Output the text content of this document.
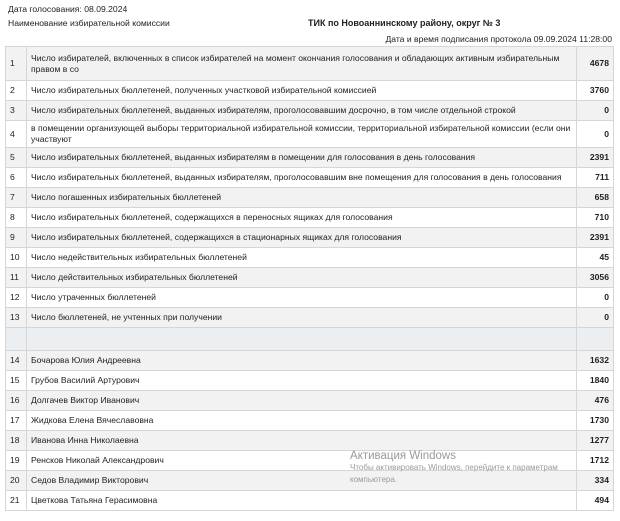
Дата голосования: 08.09.2024
Наименование избирательной комиссии	ТИК по Новоаннинскому району, округ № 3
Дата и время подписания протокола 09.09.2024 11:28:00
1	Число избирателей, включенных в список избирателей на момент окончания голосования и обладающих активным избирательным правом в со	4678
2	Число избирательных бюллетеней, полученных участковой избирательной комиссией	3760
3	Число избирательных бюллетеней, выданных избирателям, проголосовавшим досрочно, в том числе отдельной строкой	0
4	в помещении организующей выборы территориальной избирательной комиссии, территориальной избирательной комиссии (если они участвуют	0
5	Число избирательных бюллетеней, выданных избирателям в помещении для голосования в день голосования	2391
6	Число избирательных бюллетеней, выданных избирателям, проголосовавшим вне помещения для голосования в день голосования	711
7	Число погашенных избирательных бюллетеней	658
8	Число избирательных бюллетеней, содержащихся в переносных ящиках для голосования	710
9	Число избирательных бюллетеней, содержащихся в стационарных ящиках для голосования	2391
10	Число недействительных избирательных бюллетеней	45
11	Число действительных избирательных бюллетеней	3056
12	Число утраченных бюллетеней	0
13	Число бюллетеней, не учтенных при получении	0

14	Бочарова Юлия Андреевна	1632
15	Грубов Василий Артурович	1840
16	Долгачев Виктор Иванович	476
17	Жидкова Елена Вячеславовна	1730
18	Иванова Инна Николаевна	1277
19	Ренсков Николай Александрович	1712
20	Седов Владимир Викторович	334
21	Цветкова Татьяна Герасимовна	494
Активация Windows
Чтобы активировать Windows, перейдите к параметрам
компьютера.
